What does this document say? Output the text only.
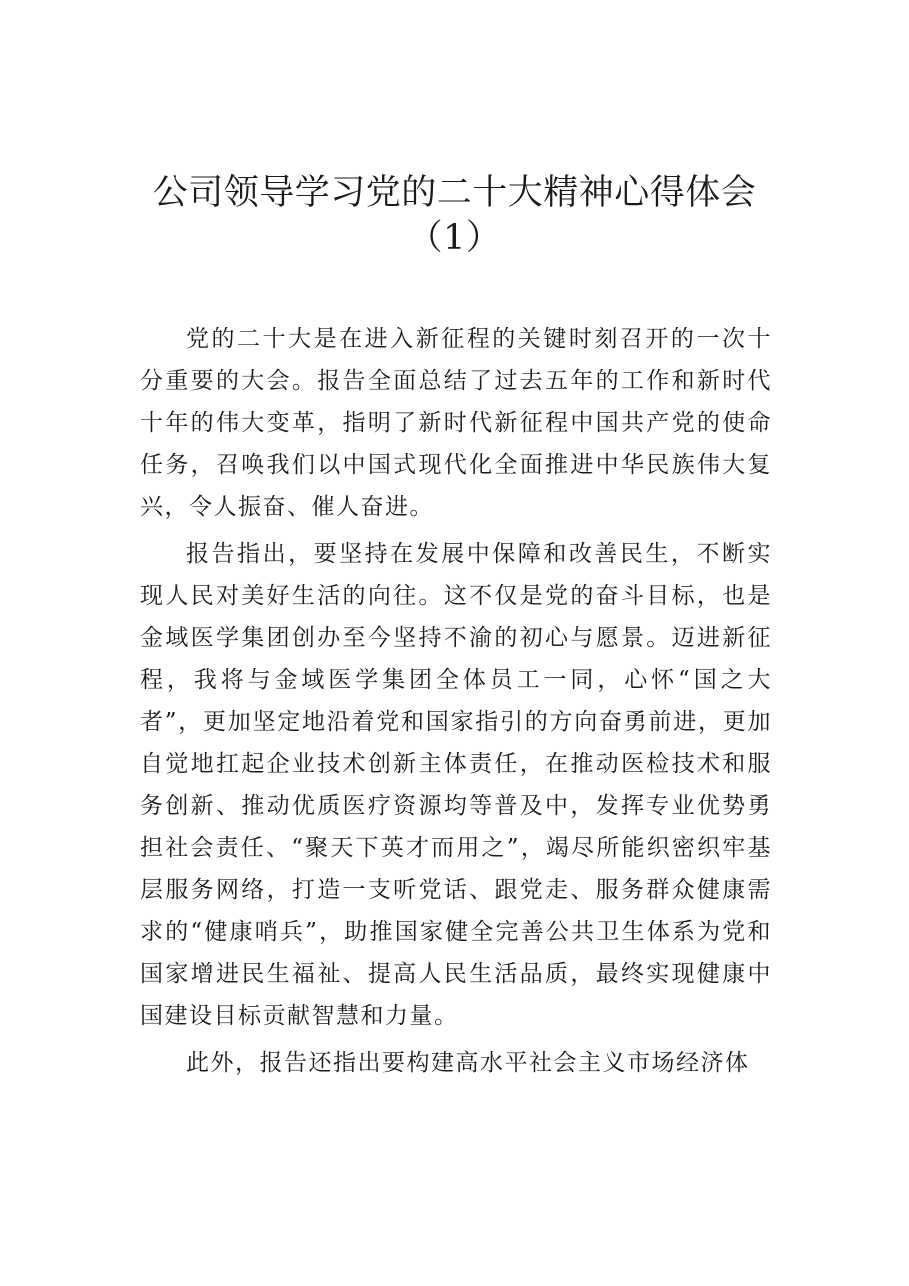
公司领导学习党的二十大精神心得体会
（1）

党的二十大是在进入新征程的关键时刻召开的一次十分重要的大会。报告全面总结了过去五年的工作和新时代十年的伟大变革，指明了新时代新征程中国共产党的使命任务，召唤我们以中国式现代化全面推进中华民族伟大复兴，令人振奋、催人奋进。

报告指出，要坚持在发展中保障和改善民生，不断实现人民对美好生活的向往。这不仅是党的奋斗目标，也是金域医学集团创办至今坚持不渝的初心与愿景。迈进新征程，我将与金域医学集团全体员工一同，心怀“国之大者”，更加坚定地沿着党和国家指引的方向奋勇前进，更加自觉地扛起企业技术创新主体责任，在推动医检技术和服务创新、推动优质医疗资源均等普及中，发挥专业优势勇担社会责任、“聚天下英才而用之”，竭尽所能织密织牢基层服务网络，打造一支听党话、跟党走、服务群众健康需求的“健康哨兵”，助推国家健全完善公共卫生体系为党和国家增进民生福祉、提高人民生活品质，最终实现健康中国建设目标贡献智慧和力量。

此外，报告还指出要构建高水平社会主义市场经济体
